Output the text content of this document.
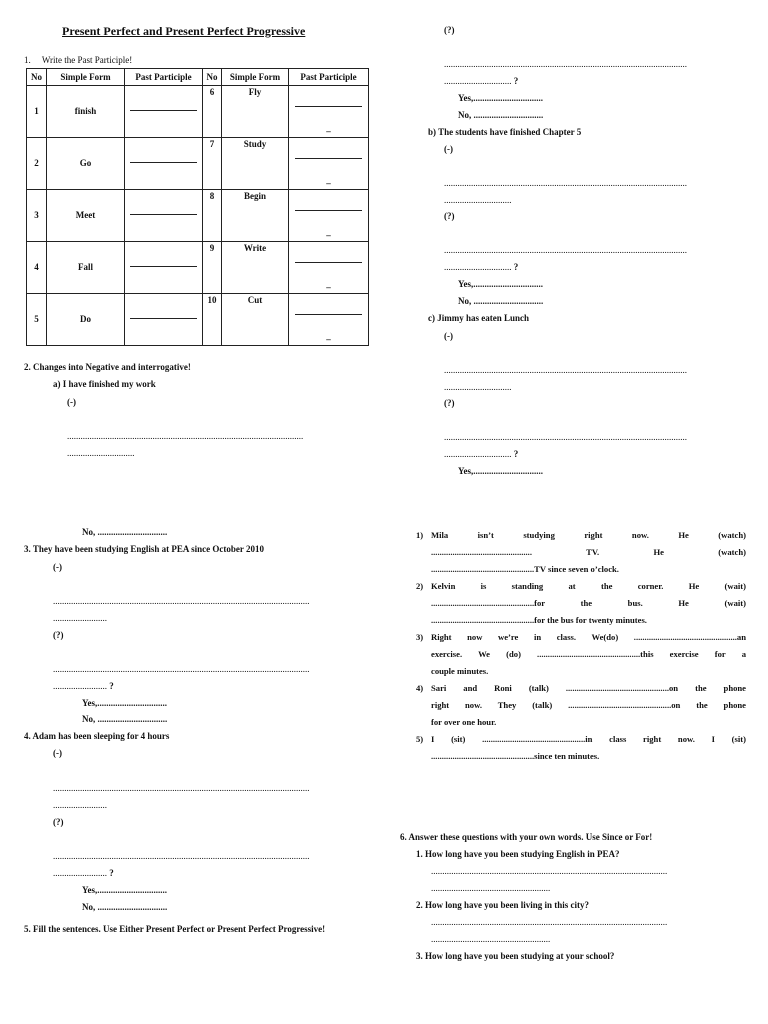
Present Perfect and Present Perfect Progressive
1. Write the Past Participle!
No	Simple Form	Past Participle	No	Simple Form	Past Participle
1	finish		6	Fly	_

2	Go		7	Study	_

3	Meet		8	Begin	_

4	Fall		9	Write	_

5	Do		10	Cut	_
2. Changes into Negative and interrogative!
a) I have finished my work
(-)
.........................................................................................................
..............................
No, ...............................
3. They have been studying English at PEA since October 2010
(-)
..................................................................................................................
........................
(?)
..................................................................................................................
........................ ?
Yes,...............................
No, ...............................
4. Adam has been sleeping for 4 hours
(-)
..................................................................................................................
........................
(?)
..................................................................................................................
........................ ?
Yes,...............................
No, ...............................
5. Fill the sentences. Use Either Present Perfect or Present Perfect Progressive!
(?)
............................................................................................................
.............................. ?
Yes,...............................
No, ...............................
b) The students have finished Chapter 5
(-)
............................................................................................................
..............................
(?)
............................................................................................................
.............................. ?
Yes,...............................
No, ...............................
c) Jimmy has eaten Lunch
(-)
............................................................................................................
..............................
(?)
............................................................................................................
.............................. ?
Yes,...............................
1) Mila isn’t studying right now. He (watch)
............................................... TV. He (watch)
................................................TV since seven o’clock.
2) Kelvin is standing at the corner. He (wait)
................................................for the bus. He (wait)
................................................for the bus for twenty minutes.
3) Right now we’re in class. We(do) ................................................an
exercise. We (do) ................................................this exercise for a
couple minutes.
4) Sari and Roni (talk) ................................................on the phone
right now. They (talk) ................................................on the phone
for over one hour.
5) I (sit) ................................................in class right now. I (sit)
................................................since ten minutes.
6. Answer these questions with your own words. Use Since or For!
1. How long have you been studying English in PEA?
.........................................................................................................
.....................................................
2. How long have you been living in this city?
.........................................................................................................
.....................................................
3. How long have you been studying at your school?
